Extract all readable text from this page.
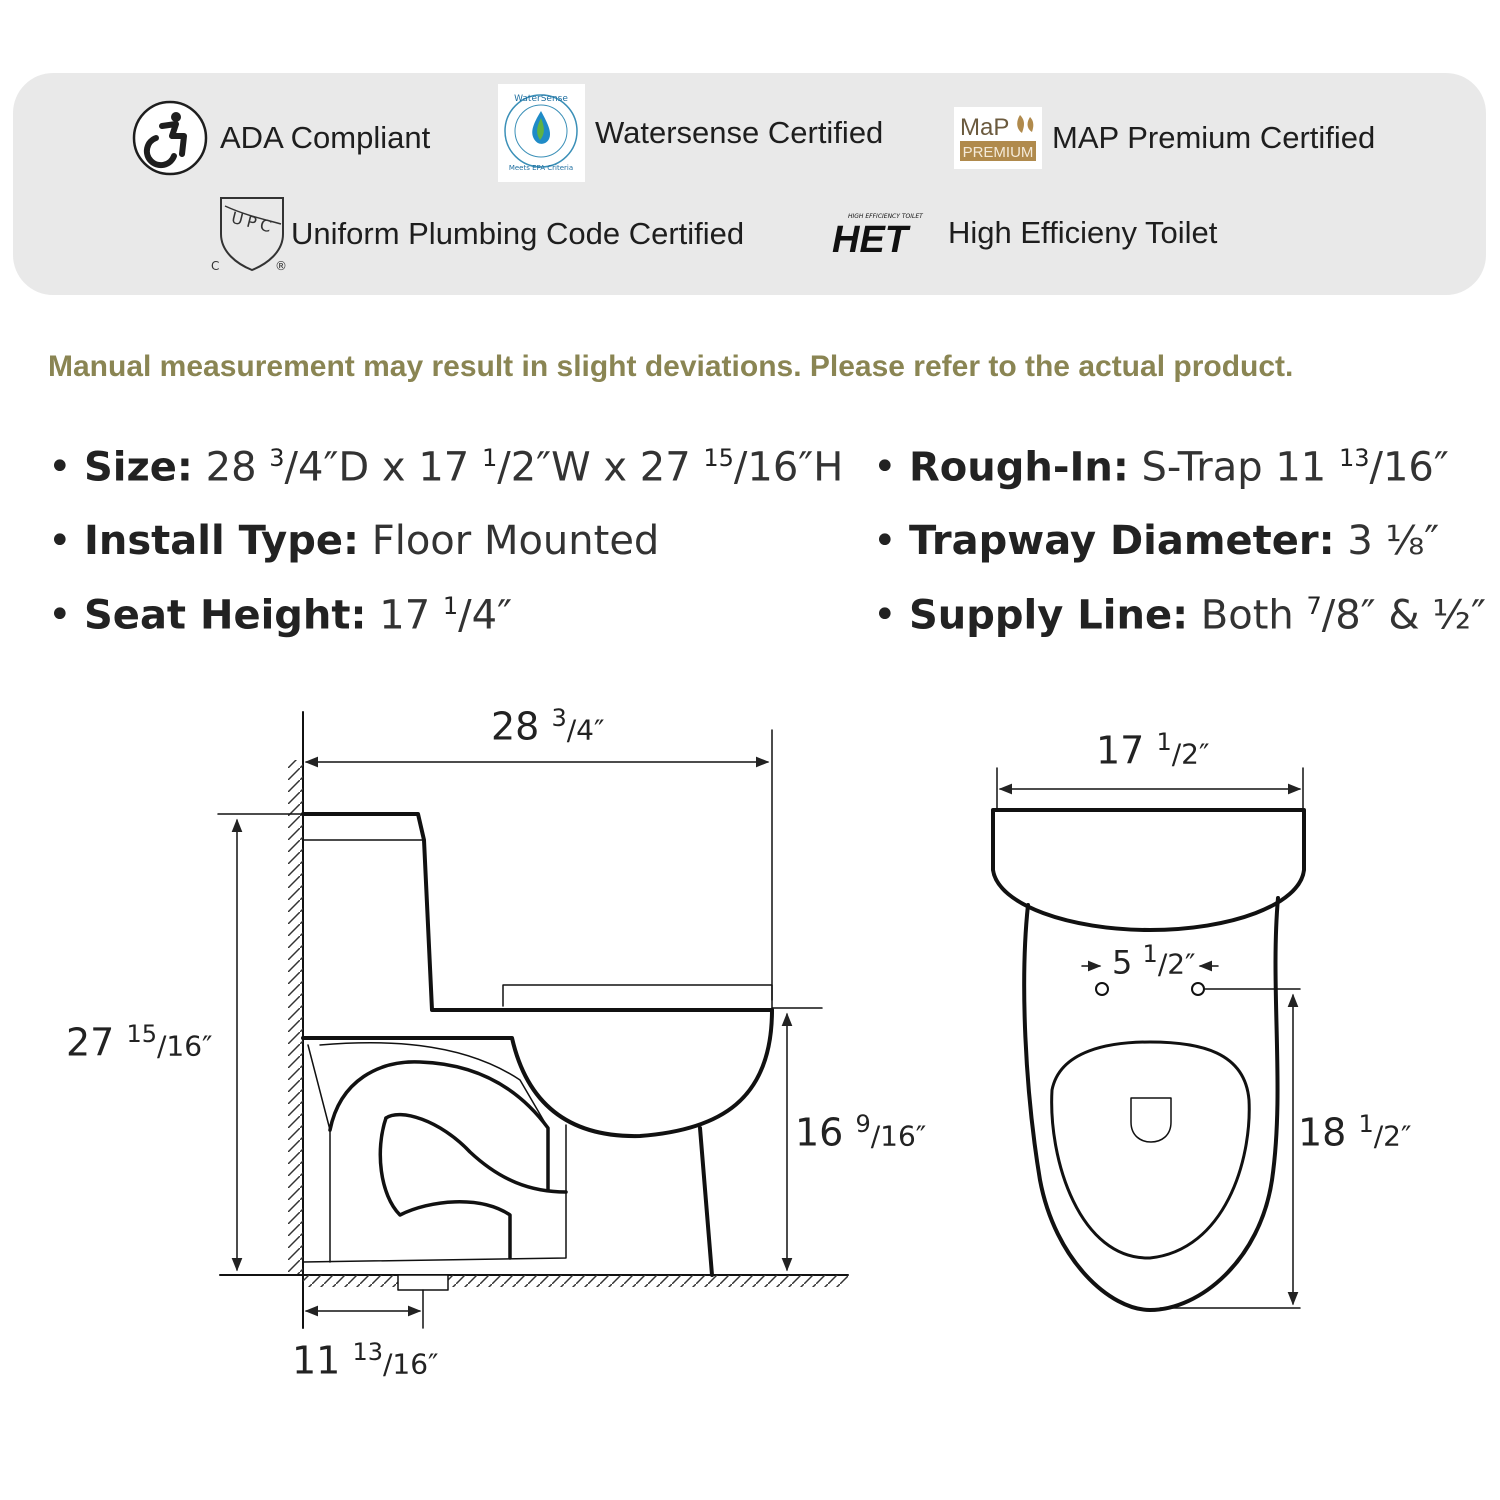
ADA Compliant
WaterSense
Meets EPA Criteria
Watersense Certified	MaP
PREMIUM MAP Premium Certified
UPC
C	®
Uniform Plumbing Code Certified	HIGH EFFICIENCY TOILET
HET High Efficieny Toilet
Manual measurement may result in slight deviations. Please refer to the actual product.
• Size: 28 $^3$/4″D x 17 $^1$/2″W x 27 $^{15}$/16″H
• Install Type: Floor Mounted
• Seat Height: 17 $^1$/4″
• Rough-In: S-Trap 11 $^{13}$/16″
• Trapway Diameter: 3 ⅛″
• Supply Line: Both $^7$/8″ & ½″
28 $^3$/4″
27 $^{15}$/16″
16 $^9$/16″
11 $^{13}$/16″
17 $^1$/2″
5 $^1$/2″
18 $^1$/2″
